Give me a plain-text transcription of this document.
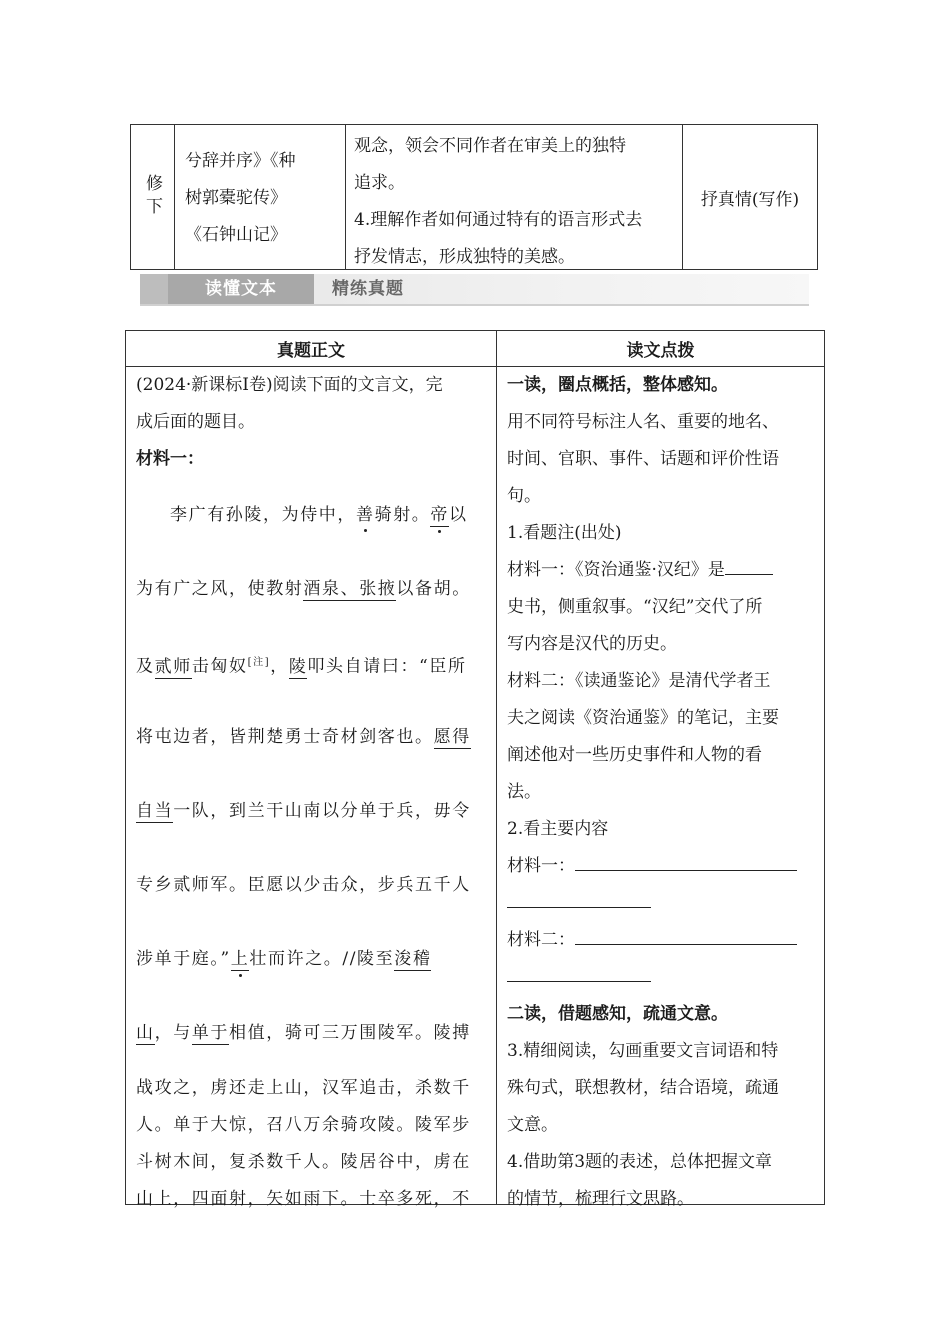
修下
兮辞并序》《种
树郭橐驼传》
《石钟山记》
观念，领会不同作者在审美上的独特
追求。
4.理解作者如何通过特有的语言形式去
抒发情志，形成独特的美感。
抒真情(写作)
读懂文本	精练真题
真题正文	读文点拨
(2024·新课标Ⅰ卷)阅读下面的文言文，完
成后面的题目。
材料一：
李广有孙陵，为侍中，善骑射。帝以
为有广之风，使教射酒泉、张掖以备胡。
及贰师击匈奴[注]，陵叩头自请曰：“臣所
将屯边者，皆荆楚勇士奇材剑客也。愿得
自当一队，到兰干山南以分单于兵，毋令
专乡贰师军。臣愿以少击众，步兵五千人
涉单于庭。”上壮而许之。//陵至浚稽
山，与单于相值，骑可三万围陵军。陵搏
战攻之，虏还走上山，汉军追击，杀数千
人。单于大惊，召八万余骑攻陵。陵军步
斗树木间，复杀数千人。陵居谷中，虏在
山上，四面射，矢如雨下。士卒多死，不
一读，圈点概括，整体感知。
用不同符号标注人名、重要的地名、
时间、官职、事件、话题和评价性语
句。
1.看题注(出处)
材料一：《资治通鉴·汉纪》是
史书，侧重叙事。“汉纪”交代了所
写内容是汉代的历史。
材料二：《读通鉴论》是清代学者王
夫之阅读《资治通鉴》的笔记，主要
阐述他对一些历史事件和人物的看
法。
2.看主要内容
材料一：
材料二：
二读，借题感知，疏通文意。
3.精细阅读，勾画重要文言词语和特
殊句式，联想教材，结合语境，疏通
文意。
4.借助第3题的表述，总体把握文章
的情节，梳理行文思路。
